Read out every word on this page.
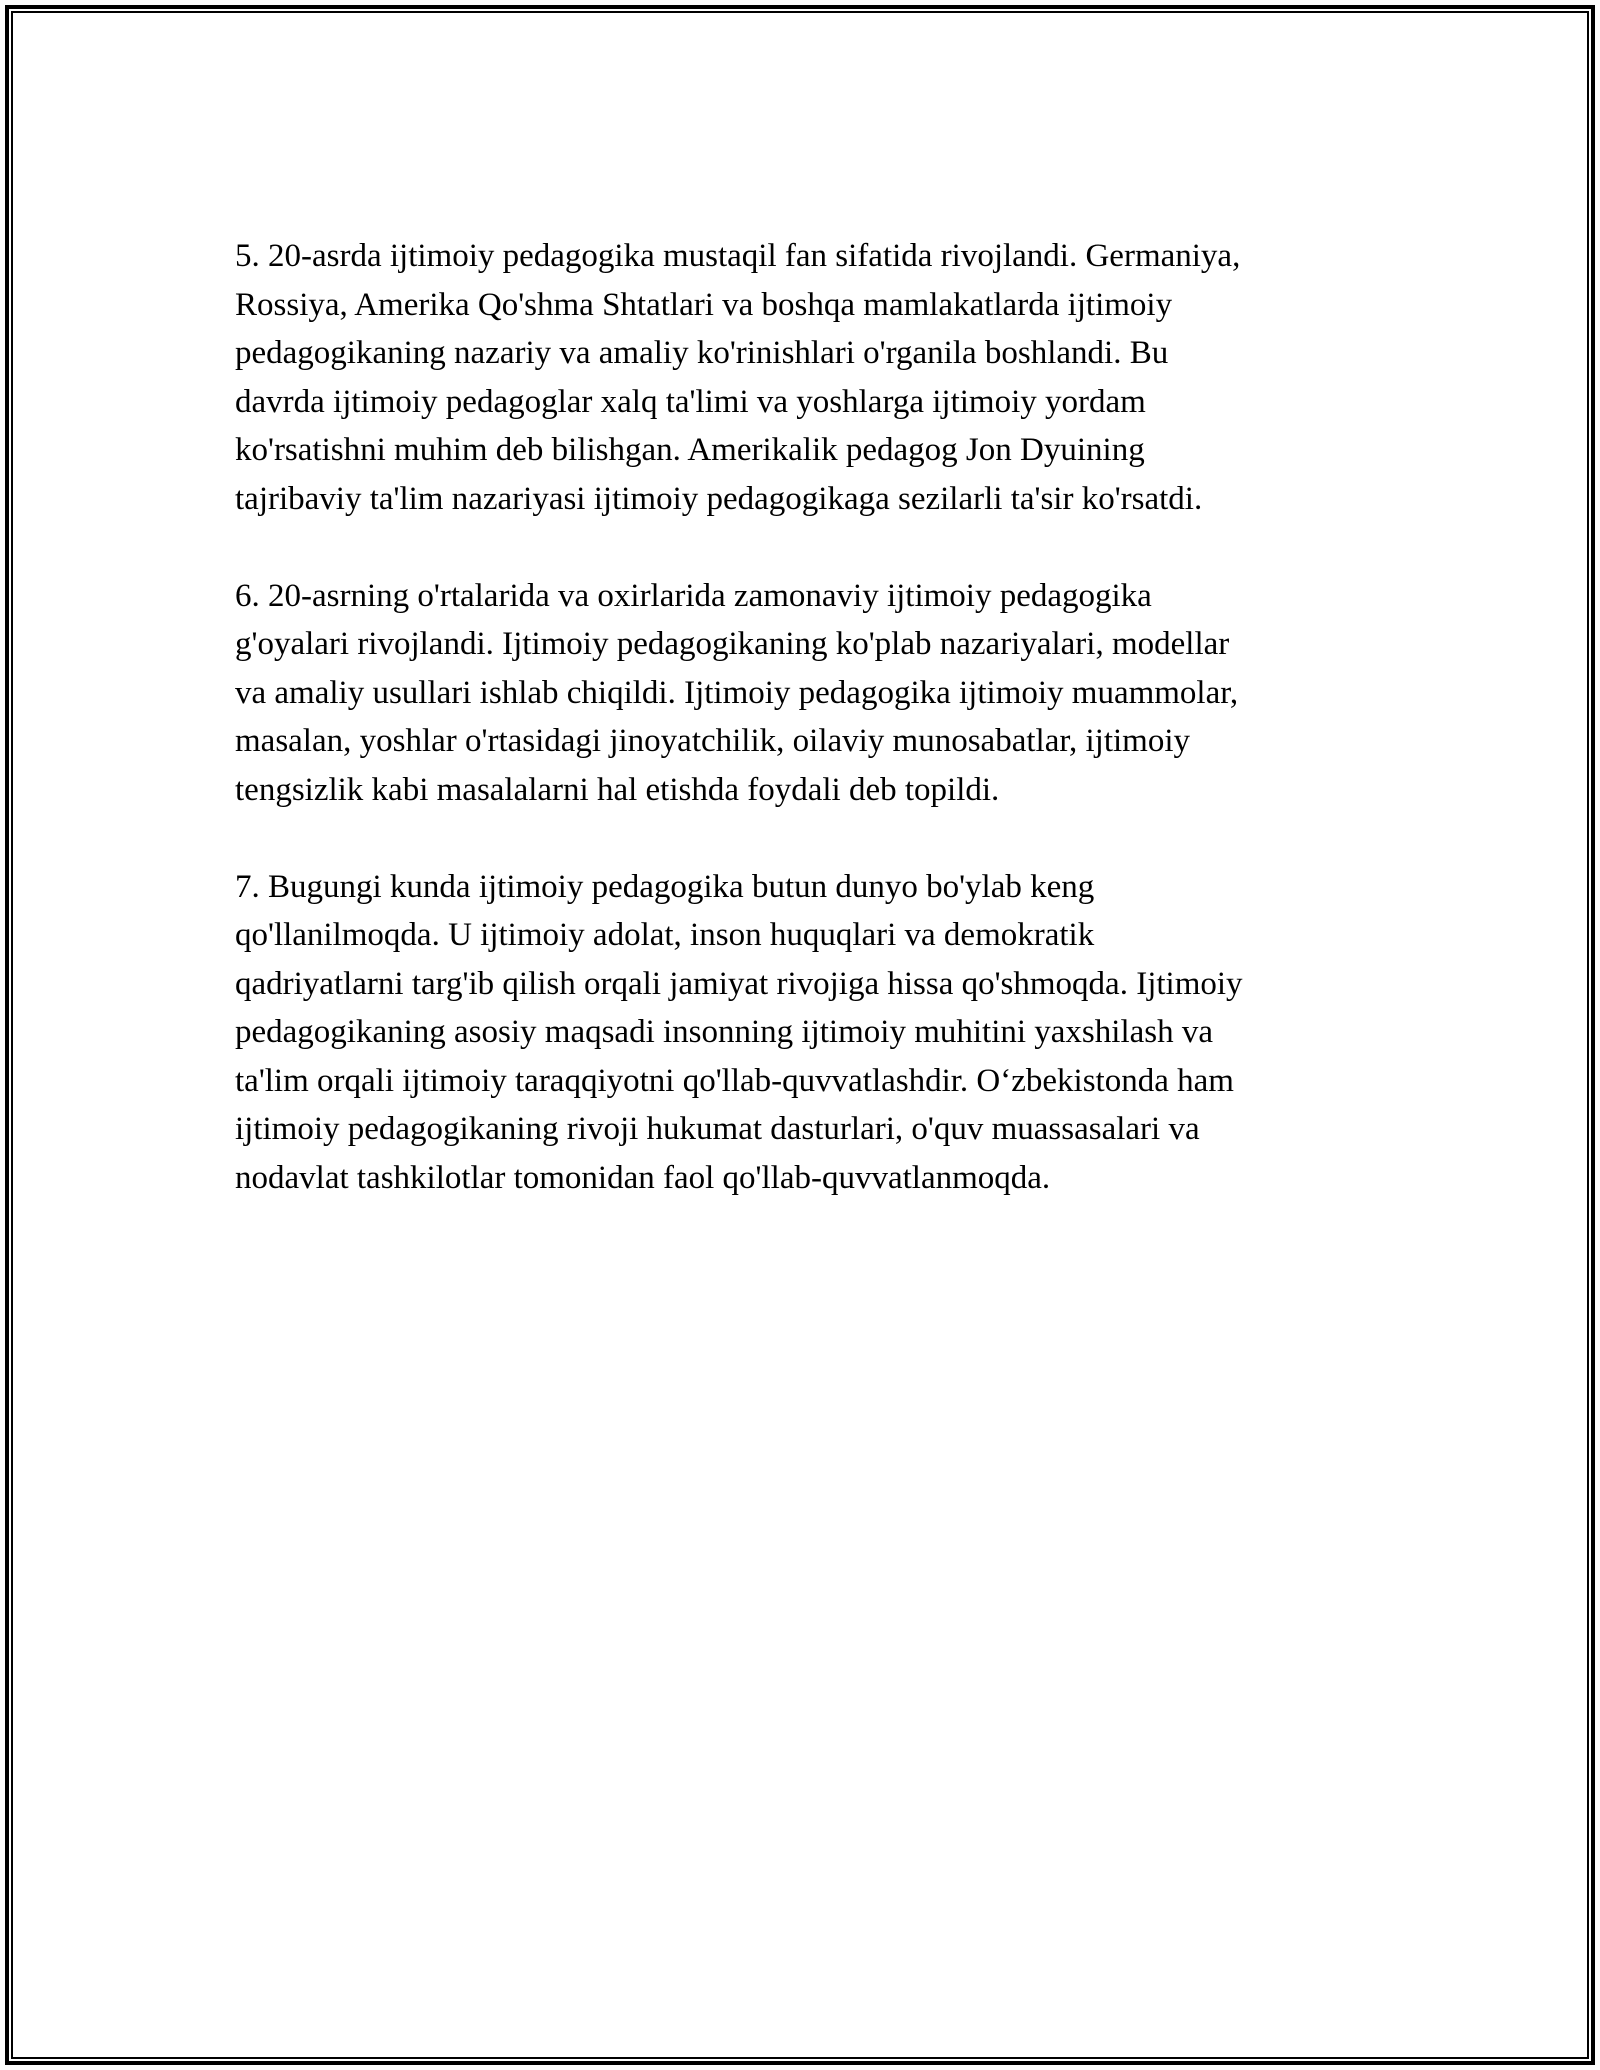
5. 20-asrda ijtimoiy pedagogika mustaqil fan sifatida rivojlandi. Germaniya,
Rossiya, Amerika Qo'shma Shtatlari va boshqa mamlakatlarda ijtimoiy
pedagogikaning nazariy va amaliy ko'rinishlari o'rganila boshlandi. Bu
davrda ijtimoiy pedagoglar xalq ta'limi va yoshlarga ijtimoiy yordam
ko'rsatishni muhim deb bilishgan. Amerikalik pedagog Jon Dyuining
tajribaviy ta'lim nazariyasi ijtimoiy pedagogikaga sezilarli ta'sir ko'rsatdi.

6. 20-asrning o'rtalarida va oxirlarida zamonaviy ijtimoiy pedagogika
g'oyalari rivojlandi. Ijtimoiy pedagogikaning ko'plab nazariyalari, modellar
va amaliy usullari ishlab chiqildi. Ijtimoiy pedagogika ijtimoiy muammolar,
masalan, yoshlar o'rtasidagi jinoyatchilik, oilaviy munosabatlar, ijtimoiy
tengsizlik kabi masalalarni hal etishda foydali deb topildi.

7. Bugungi kunda ijtimoiy pedagogika butun dunyo bo'ylab keng
qo'llanilmoqda. U ijtimoiy adolat, inson huquqlari va demokratik
qadriyatlarni targ'ib qilish orqali jamiyat rivojiga hissa qo'shmoqda. Ijtimoiy
pedagogikaning asosiy maqsadi insonning ijtimoiy muhitini yaxshilash va
ta'lim orqali ijtimoiy taraqqiyotni qo'llab-quvvatlashdir. O‘zbekistonda ham
ijtimoiy pedagogikaning rivoji hukumat dasturlari, o'quv muassasalari va
nodavlat tashkilotlar tomonidan faol qo'llab-quvvatlanmoqda.
